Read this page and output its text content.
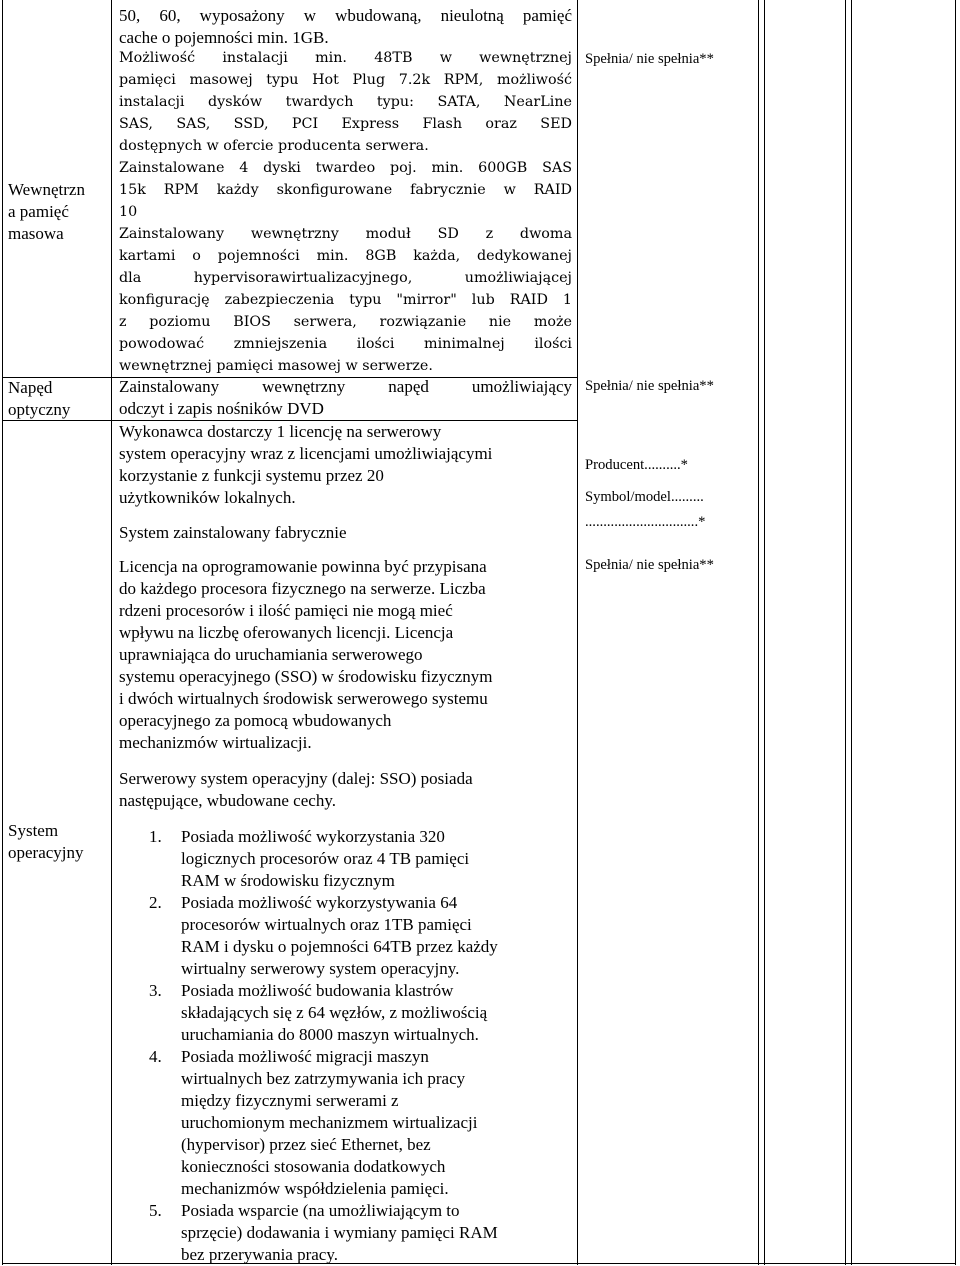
Wewnętrzn
a pamięć
masowa

50, 60, wyposażony w wbudowaną, nieulotną pamięć

cache o pojemności min. 1GB.

Możliwość instalacji min. 48TB w wewnętrznej

pamięci masowej typu Hot Plug 7.2k RPM, możliwość

instalacji dysków twardych typu: SATA, NearLine

SAS, SAS, SSD, PCI Express Flash oraz SED

dostępnych w ofercie producenta serwera.

Zainstalowane 4 dyski twardeo poj. min. 600GB SAS

15k RPM każdy skonfigurowane fabrycznie w RAID

10

Zainstalowany wewnętrzny moduł SD z dwoma

kartami o pojemności min. 8GB każda, dedykowanej

dla hypervisorawirtualizacyjnego, umożliwiającej

konfigurację zabezpieczenia typu "mirror" lub RAID 1

z poziomu BIOS serwera, rozwiązanie nie może

powodować zmniejszenia ilości minimalnej ilości

wewnętrznej pamięci masowej w serwerze.

Spełnia/ nie spełnia**
Napęd
optyczny

Zainstalowany wewnętrzny napęd umożliwiający

odczyt i zapis nośników DVD

Spełnia/ nie spełnia**
System
operacyjny

Wykonawca dostarczy 1 licencję na serwerowy

system operacyjny wraz z licencjami umożliwiającymi

korzystanie z funkcji systemu przez 20

użytkowników lokalnych.

System zainstalowany fabrycznie

Licencja na oprogramowanie powinna być przypisana

do każdego procesora fizycznego na serwerze. Liczba

rdzeni procesorów i ilość pamięci nie mogą mieć

wpływu na liczbę oferowanych licencji. Licencja

uprawniająca do uruchamiania serwerowego

systemu operacyjnego (SSO) w środowisku fizycznym

i dwóch wirtualnych środowisk serwerowego systemu

operacyjnego za pomocą wbudowanych

mechanizmów wirtualizacji.

Serwerowy system operacyjny (dalej: SSO) posiada

następujące, wbudowane cechy.

1. Posiada możliwość wykorzystania 320

logicznych procesorów oraz 4 TB pamięci

RAM w środowisku fizycznym

2. Posiada możliwość wykorzystywania 64

procesorów wirtualnych oraz 1TB pamięci

RAM i dysku o pojemności 64TB przez każdy

wirtualny serwerowy system operacyjny.

3. Posiada możliwość budowania klastrów

składających się z 64 węzłów, z możliwością

uruchamiania do 8000 maszyn wirtualnych.

4. Posiada możliwość migracji maszyn

wirtualnych bez zatrzymywania ich pracy

między fizycznymi serwerami z

uruchomionym mechanizmem wirtualizacji

(hypervisor) przez sieć Ethernet, bez

konieczności stosowania dodatkowych

mechanizmów współdzielenia pamięci.

5. Posiada wsparcie (na umożliwiającym to

sprzęcie) dodawania i wymiany pamięci RAM

bez przerywania pracy.

Producent..........*
Symbol/model.........
...............................*
Spełnia/ nie spełnia**
